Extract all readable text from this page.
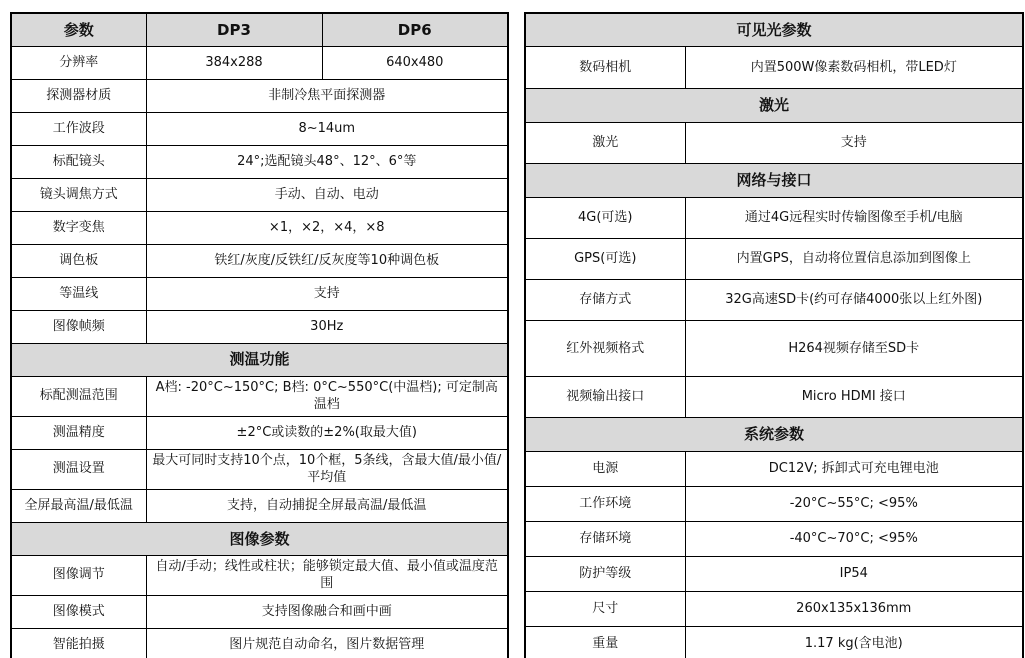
参数	DP3	DP6
分辨率	384x288	640x480
探测器材质	非制冷焦平面探测器	
工作波段	8~14um	
标配镜头	24°;选配镜头48°、12°、6°等	
镜头调焦方式	手动、自动、电动	
数字变焦	×1，×2，×4，×8	
调色板	铁红/灰度/反铁红/反灰度等10种调色板	
等温线	支持	
图像帧频	30Hz	
测温功能		
标配测温范围	A档: -20°C~150°C; B档: 0°C~550°C(中温档); 可定制高温档	
测温精度	±2°C或读数的±2%(取最大值)	
测温设置	最大可同时支持10个点，10个框，5条线，含最大值/最小值/平均值	
全屏最高温/最低温	支持，自动捕捉全屏最高温/最低温	
图像参数		
图像调节	自动/手动；线性或柱状；能够锁定最大值、最小值或温度范围	
图像模式	支持图像融合和画中画	
智能拍摄	图片规范自动命名，图片数据管理	
可见光参数	
数码相机	内置500W像素数码相机，带LED灯
激光	
激光	支持
网络与接口	
4G(可选)	通过4G远程实时传输图像至手机/电脑
GPS(可选)	内置GPS，自动将位置信息添加到图像上
存储方式	32G高速SD卡(约可存储4000张以上红外图)
红外视频格式	H264视频存储至SD卡
视频输出接口	Micro HDMI 接口
系统参数	
电源	DC12V; 拆卸式可充电锂电池
工作环境	-20°C~55°C; <95%
存储环境	-40°C~70°C; <95%
防护等级	IP54
尺寸	260x135x136mm
重量	1.17 kg(含电池)
